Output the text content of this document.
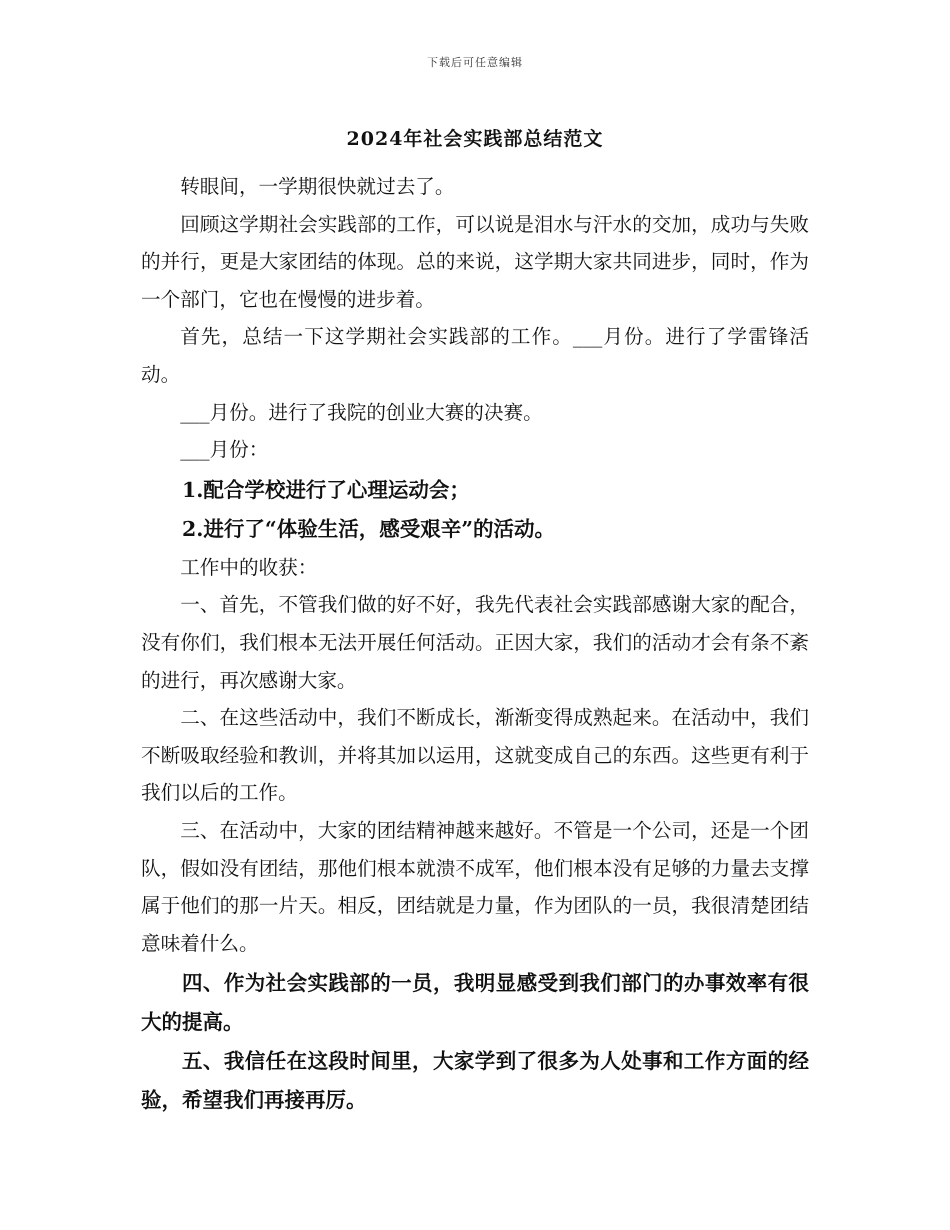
下载后可任意编辑
2024年社会实践部总结范文

转眼间，一学期很快就过去了。

回顾这学期社会实践部的工作，可以说是泪水与汗水的交加，成功与失败的并行，更是大家团结的体现。总的来说，这学期大家共同进步，同时，作为一个部门，它也在慢慢的进步着。

首先，总结一下这学期社会实践部的工作。___月份。进行了学雷锋活动。

___月份。进行了我院的创业大赛的决赛。

___月份：

1.配合学校进行了心理运动会；

2.进行了“体验生活，感受艰辛”的活动。

工作中的收获：

一、首先，不管我们做的好不好，我先代表社会实践部感谢大家的配合，没有你们，我们根本无法开展任何活动。正因大家，我们的活动才会有条不紊的进行，再次感谢大家。

二、在这些活动中，我们不断成长，渐渐变得成熟起来。在活动中，我们不断吸取经验和教训，并将其加以运用，这就变成自己的东西。这些更有利于我们以后的工作。

三、在活动中，大家的团结精神越来越好。不管是一个公司，还是一个团队，假如没有团结，那他们根本就溃不成军，他们根本没有足够的力量去支撑属于他们的那一片天。相反，团结就是力量，作为团队的一员，我很清楚团结意味着什么。

四、作为社会实践部的一员，我明显感受到我们部门的办事效率有很大的提高。

五、我信任在这段时间里，大家学到了很多为人处事和工作方面的经验，希望我们再接再厉。
